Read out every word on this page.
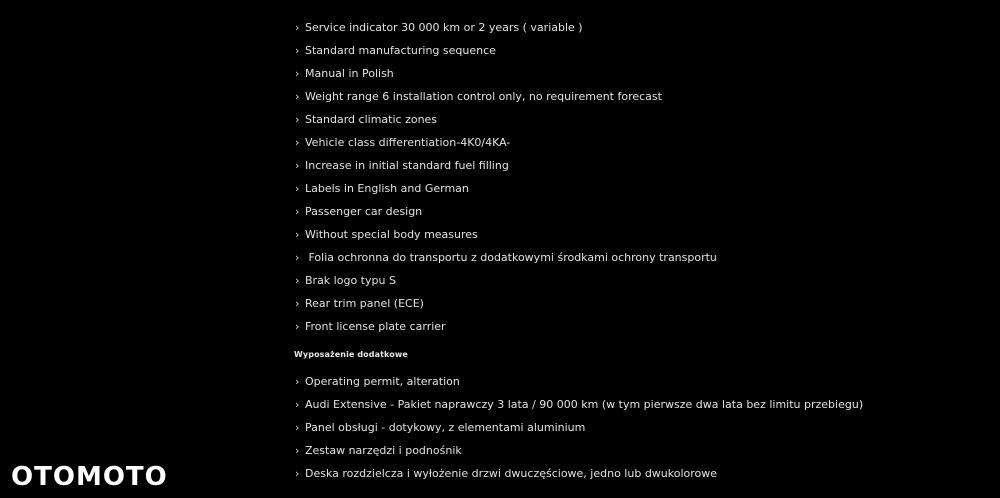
› Service indicator 30 000 km or 2 years ( variable )
› Standard manufacturing sequence
› Manual in Polish
› Weight range 6 installation control only, no requirement forecast
› Standard climatic zones
› Vehicle class differentiation-4K0/4KA-
› Increase in initial standard fuel filling
› Labels in English and German
› Passenger car design
› Without special body measures
› Folia ochronna do transportu z dodatkowymi środkami ochrony transportu
› Brak logo typu S
› Rear trim panel (ECE)
› Front license plate carrier
Wyposażenie dodatkowe
› Operating permit, alteration
› Audi Extensive - Pakiet naprawczy 3 lata / 90 000 km (w tym pierwsze dwa lata bez limitu przebiegu)
› Panel obsługi - dotykowy, z elementami aluminium
› Zestaw narzędzi i podnośnik
› Deska rozdzielcza i wyłożenie drzwi dwuczęściowe, jedno lub dwukolorowe
OTOMOTO
